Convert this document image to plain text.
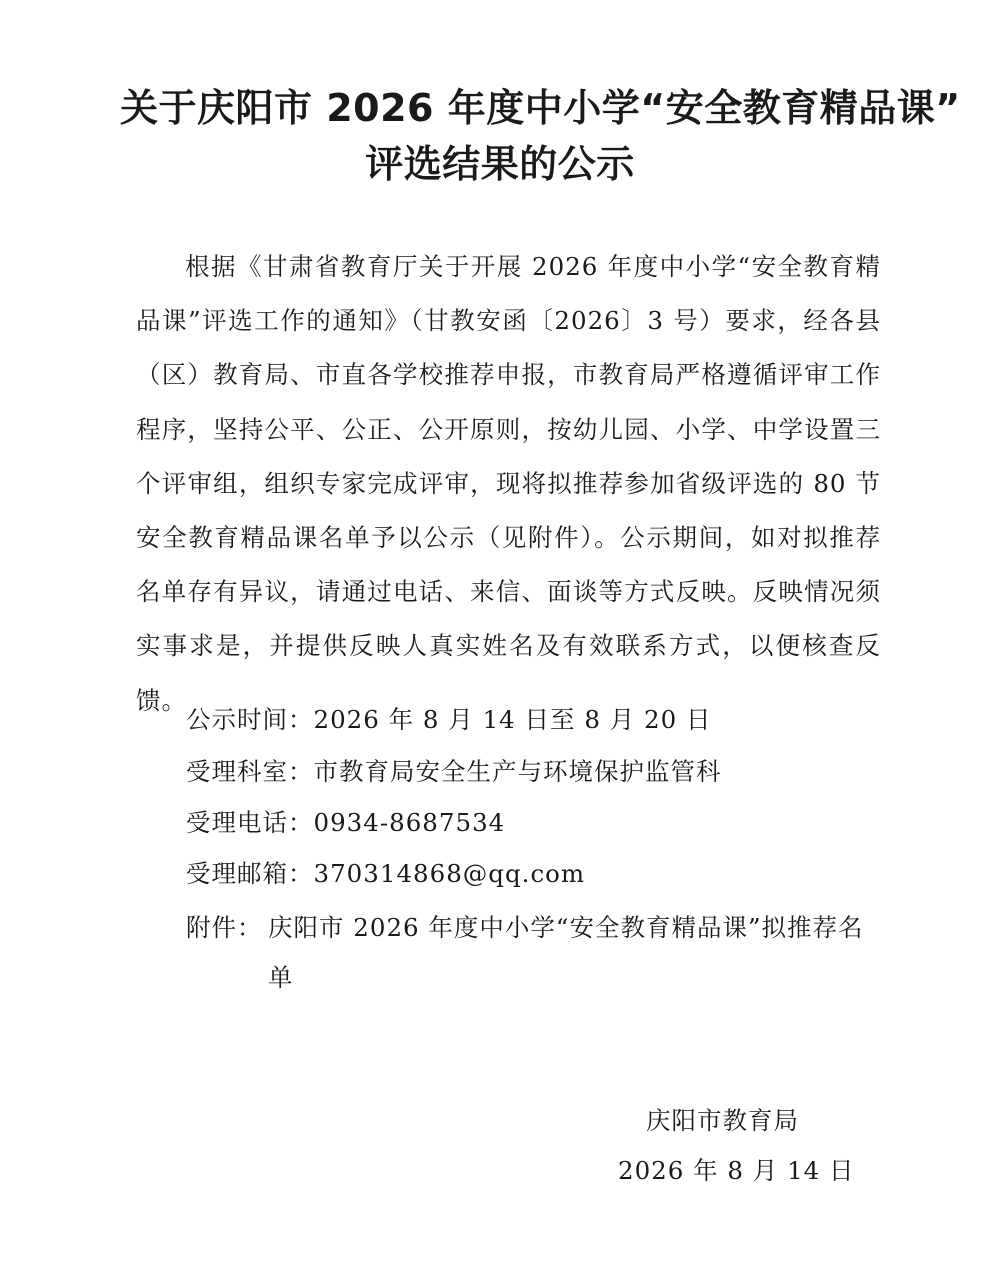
关于庆阳市 2026 年度中小学“安全教育精品课”
评选结果的公示
根据《甘肃省教育厅关于开展 2026 年度中小学“安全教育精品课”评选工作的通知》（甘教安函〔2026〕3 号）要求，经各县（区）教育局、市直各学校推荐申报，市教育局严格遵循评审工作程序，坚持公平、公正、公开原则，按幼儿园、小学、中学设置三个评审组，组织专家完成评审，现将拟推荐参加省级评选的 80 节安全教育精品课名单予以公示（见附件）。公示期间，如对拟推荐名单存有异议，请通过电话、来信、面谈等方式反映。反映情况须实事求是，并提供反映人真实姓名及有效联系方式，以便核查反馈。
公示时间：2026 年 8 月 14 日至 8 月 20 日
受理科室：市教育局安全生产与环境保护监管科
受理电话：0934-8687534
受理邮箱：370314868@qq.com
附件： 庆阳市 2026 年度中小学“安全教育精品课”拟推荐名单
庆阳市教育局
2026 年 8 月 14 日
